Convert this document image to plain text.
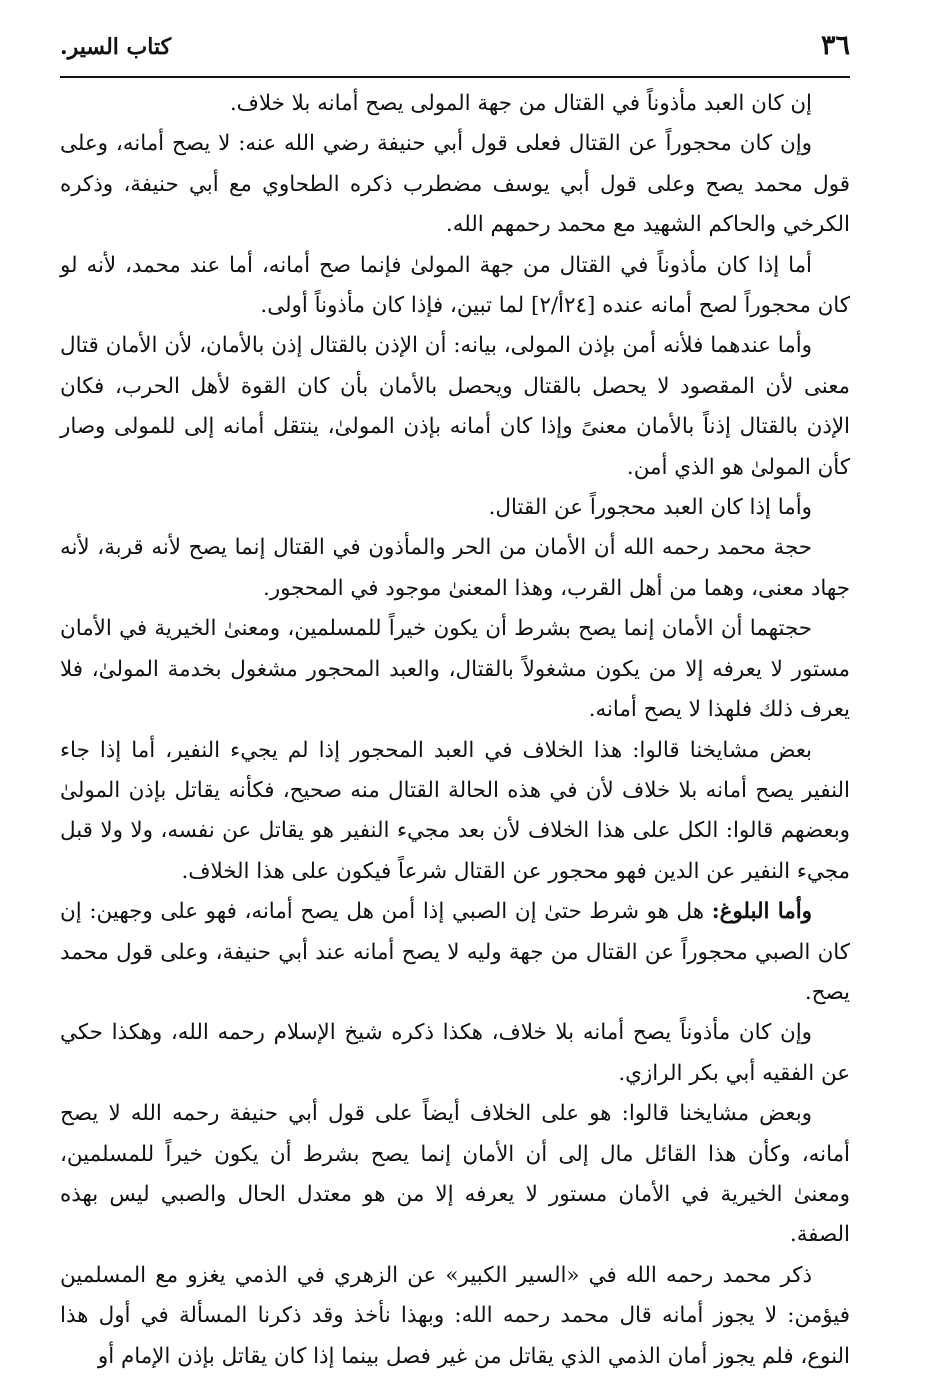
٣٦
كتاب السير.

إن كان العبد مأذوناً في القتال من جهة المولى يصح أمانه بلا خلاف.

وإن كان محجوراً عن القتال فعلى قول أبي حنيفة رضي الله عنه: لا يصح أمانه، وعلى قول محمد يصح وعلى قول أبي يوسف مضطرب ذكره الطحاوي مع أبي حنيفة، وذكره الكرخي والحاكم الشهيد مع محمد رحمهم الله.

أما إذا كان مأذوناً في القتال من جهة المولىٰ فإنما صح أمانه، أما عند محمد، لأنه لو كان محجوراً لصح أمانه عنده [٢٤أ/٢] لما تبين، فإذا كان مأذوناً أولى.

وأما عندهما فلأنه أمن بإذن المولى، بيانه: أن الإذن بالقتال إذن بالأمان، لأن الأمان قتال معنى لأن المقصود لا يحصل بالقتال ويحصل بالأمان بأن كان القوة لأهل الحرب، فكان الإذن بالقتال إذناً بالأمان معنىً وإذا كان أمانه بإذن المولىٰ، ينتقل أمانه إلى للمولى وصار كأن المولىٰ هو الذي أمن.

وأما إذا كان العبد محجوراً عن القتال.

حجة محمد رحمه الله أن الأمان من الحر والمأذون في القتال إنما يصح لأنه قربة، لأنه جهاد معنى، وهما من أهل القرب، وهذا المعنىٰ موجود في المحجور.

حجتهما أن الأمان إنما يصح بشرط أن يكون خيراً للمسلمين، ومعنىٰ الخيرية في الأمان مستور لا يعرفه إلا من يكون مشغولاً بالقتال، والعبد المحجور مشغول بخدمة المولىٰ، فلا يعرف ذلك فلهذا لا يصح أمانه.

بعض مشايخنا قالوا: هذا الخلاف في العبد المحجور إذا لم يجيء النفير، أما إذا جاء النفير يصح أمانه بلا خلاف لأن في هذه الحالة القتال منه صحيح، فكأنه يقاتل بإذن المولىٰ وبعضهم قالوا: الكل على هذا الخلاف لأن بعد مجيء النفير هو يقاتل عن نفسه، ولا ولا قبل مجيء النفير عن الدين فهو محجور عن القتال شرعاً فيكون على هذا الخلاف.

وأما البلوغ: هل هو شرط حتىٰ إن الصبي إذا أمن هل يصح أمانه، فهو على وجهين: إن كان الصبي محجوراً عن القتال من جهة وليه لا يصح أمانه عند أبي حنيفة، وعلى قول محمد يصح.

وإن كان مأذوناً يصح أمانه بلا خلاف، هكذا ذكره شيخ الإسلام رحمه الله، وهكذا حكي عن الفقيه أبي بكر الرازي.

وبعض مشايخنا قالوا: هو على الخلاف أيضاً على قول أبي حنيفة رحمه الله لا يصح أمانه، وكأن هذا القائل مال إلى أن الأمان إنما يصح بشرط أن يكون خيراً للمسلمين، ومعنىٰ الخيرية في الأمان مستور لا يعرفه إلا من هو معتدل الحال والصبي ليس بهذه الصفة.

ذكر محمد رحمه الله في «السير الكبير» عن الزهري في الذمي يغزو مع المسلمين فيؤمن: لا يجوز أمانه قال محمد رحمه الله: وبهذا نأخذ وقد ذكرنا المسألة في أول هذا النوع، فلم يجوز أمان الذمي الذي يقاتل من غير فصل بينما إذا كان يقاتل بإذن الإمام أو
